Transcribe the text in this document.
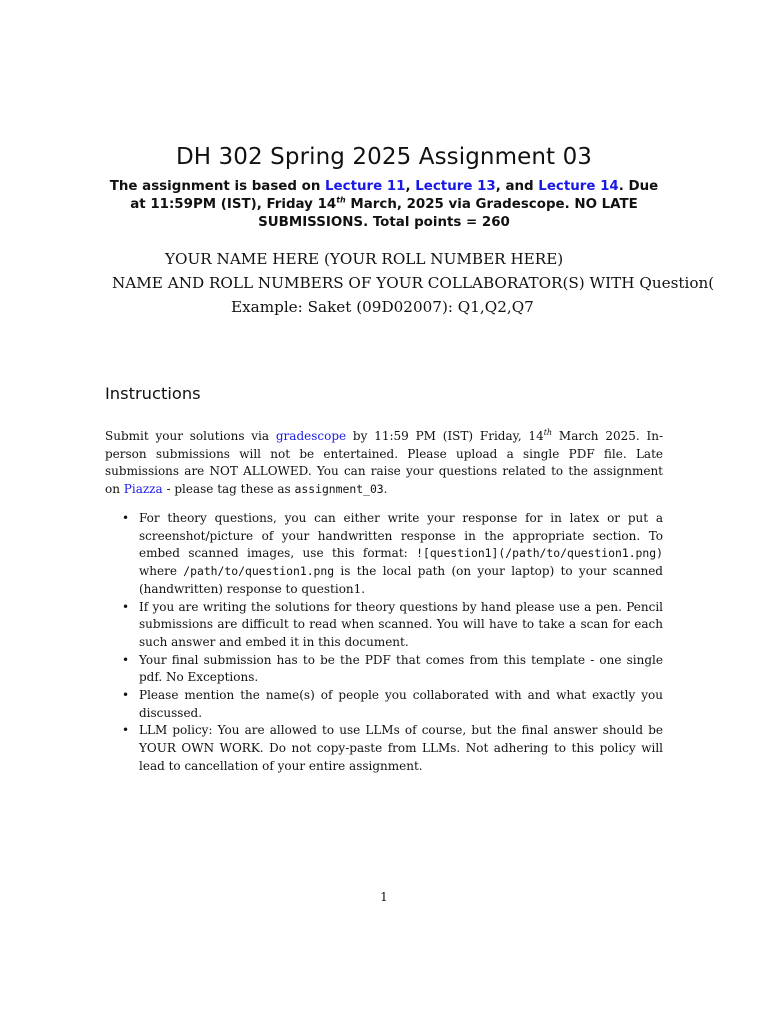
DH 302 Spring 2025 Assignment 03
The assignment is based on Lecture 11, Lecture 13, and Lecture 14. Due at 11:59PM (IST), Friday 14th March, 2025 via Gradescope. NO LATE SUBMISSIONS. Total points = 260
YOUR NAME HERE (YOUR ROLL NUMBER HERE)
NAME AND ROLL NUMBERS OF YOUR COLLABORATOR(S) WITH Question(
Example: Saket (09D02007): Q1,Q2,Q7
Instructions
Submit your solutions via gradescope by 11:59 PM (IST) Friday, 14th March 2025. In-person submissions will not be entertained. Please upload a single PDF file. Late submissions are NOT ALLOWED. You can raise your questions related to the assignment on Piazza - please tag these as assignment_03.
• For theory questions, you can either write your response for in latex or put a screenshot/picture of your handwritten response in the appropriate section. To embed scanned images, use this format: ![question1](/path/to/question1.png) where /path/to/question1.png is the local path (on your laptop) to your scanned (handwritten) response to question1.
• If you are writing the solutions for theory questions by hand please use a pen. Pencil submissions are difficult to read when scanned. You will have to take a scan for each such answer and embed it in this document.
• Your final submission has to be the PDF that comes from this template - one single pdf. No Exceptions.
• Please mention the name(s) of people you collaborated with and what exactly you discussed.
• LLM policy: You are allowed to use LLMs of course, but the final answer should be YOUR OWN WORK. Do not copy-paste from LLMs. Not adhering to this policy will lead to cancellation of your entire assignment.
1
